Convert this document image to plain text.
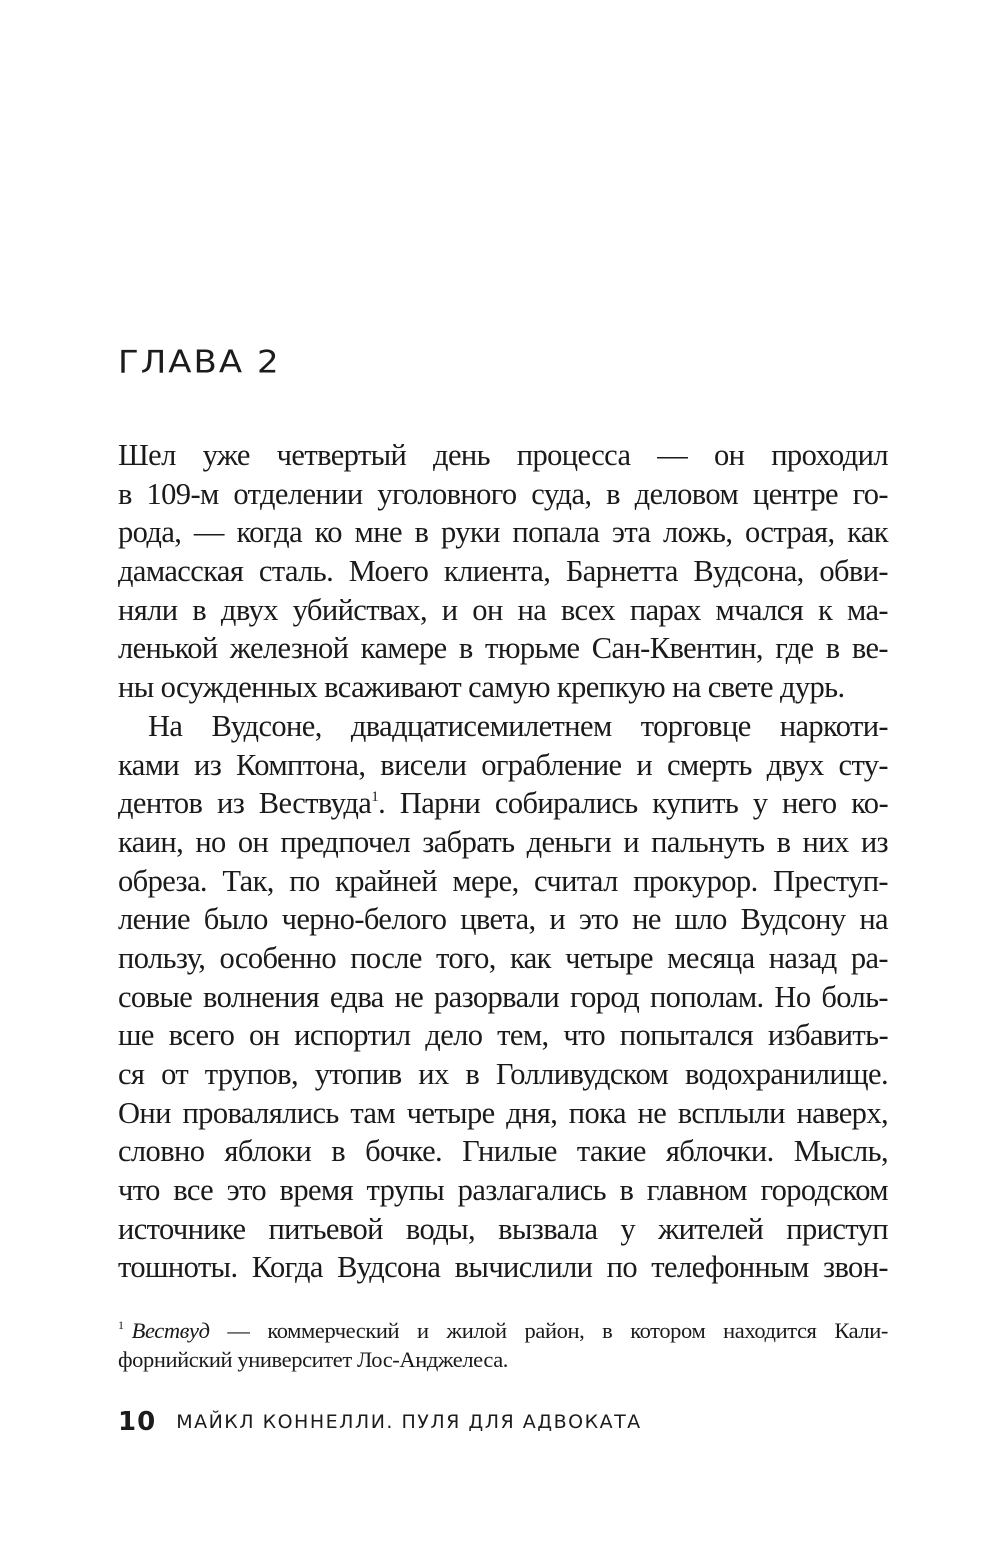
ГЛАВА 2
Шел уже четвертый день процесса — он проходил
в 109-м отделении уголовного суда, в деловом центре го-
рода, — когда ко мне в руки попала эта ложь, острая, как
дамасская сталь. Моего клиента, Барнетта Вудсона, обви-
няли в двух убийствах, и он на всех парах мчался к ма-
ленькой железной камере в тюрьме Сан-Квентин, где в ве-
ны осужденных всаживают самую крепкую на свете дурь.
На Вудсоне, двадцатисемилетнем торговце наркоти-
ками из Комптона, висели ограбление и смерть двух сту-
дентов из Вествуда$^1$. Парни собирались купить у него ко-
каин, но он предпочел забрать деньги и пальнуть в них из
обреза. Так, по крайней мере, считал прокурор. Преступ-
ление было черно-белого цвета, и это не шло Вудсону на
пользу, особенно после того, как четыре месяца назад ра-
совые волнения едва не разорвали город пополам. Но боль-
ше всего он испортил дело тем, что попытался избавить-
ся от трупов, утопив их в Голливудском водохранилище.
Они провалялись там четыре дня, пока не всплыли наверх,
словно яблоки в бочке. Гнилые такие яблочки. Мысль,
что все это время трупы разлагались в главном городском
источнике питьевой воды, вызвала у жителей приступ
тошноты. Когда Вудсона вычислили по телефонным звон-
$^1$ Вествуд — коммерческий и жилой район, в котором находится Кали-
форнийский университет Лос-Анджелеса.
10 МАЙКЛ КОННЕЛЛИ. ПУЛЯ ДЛЯ АДВОКАТА
